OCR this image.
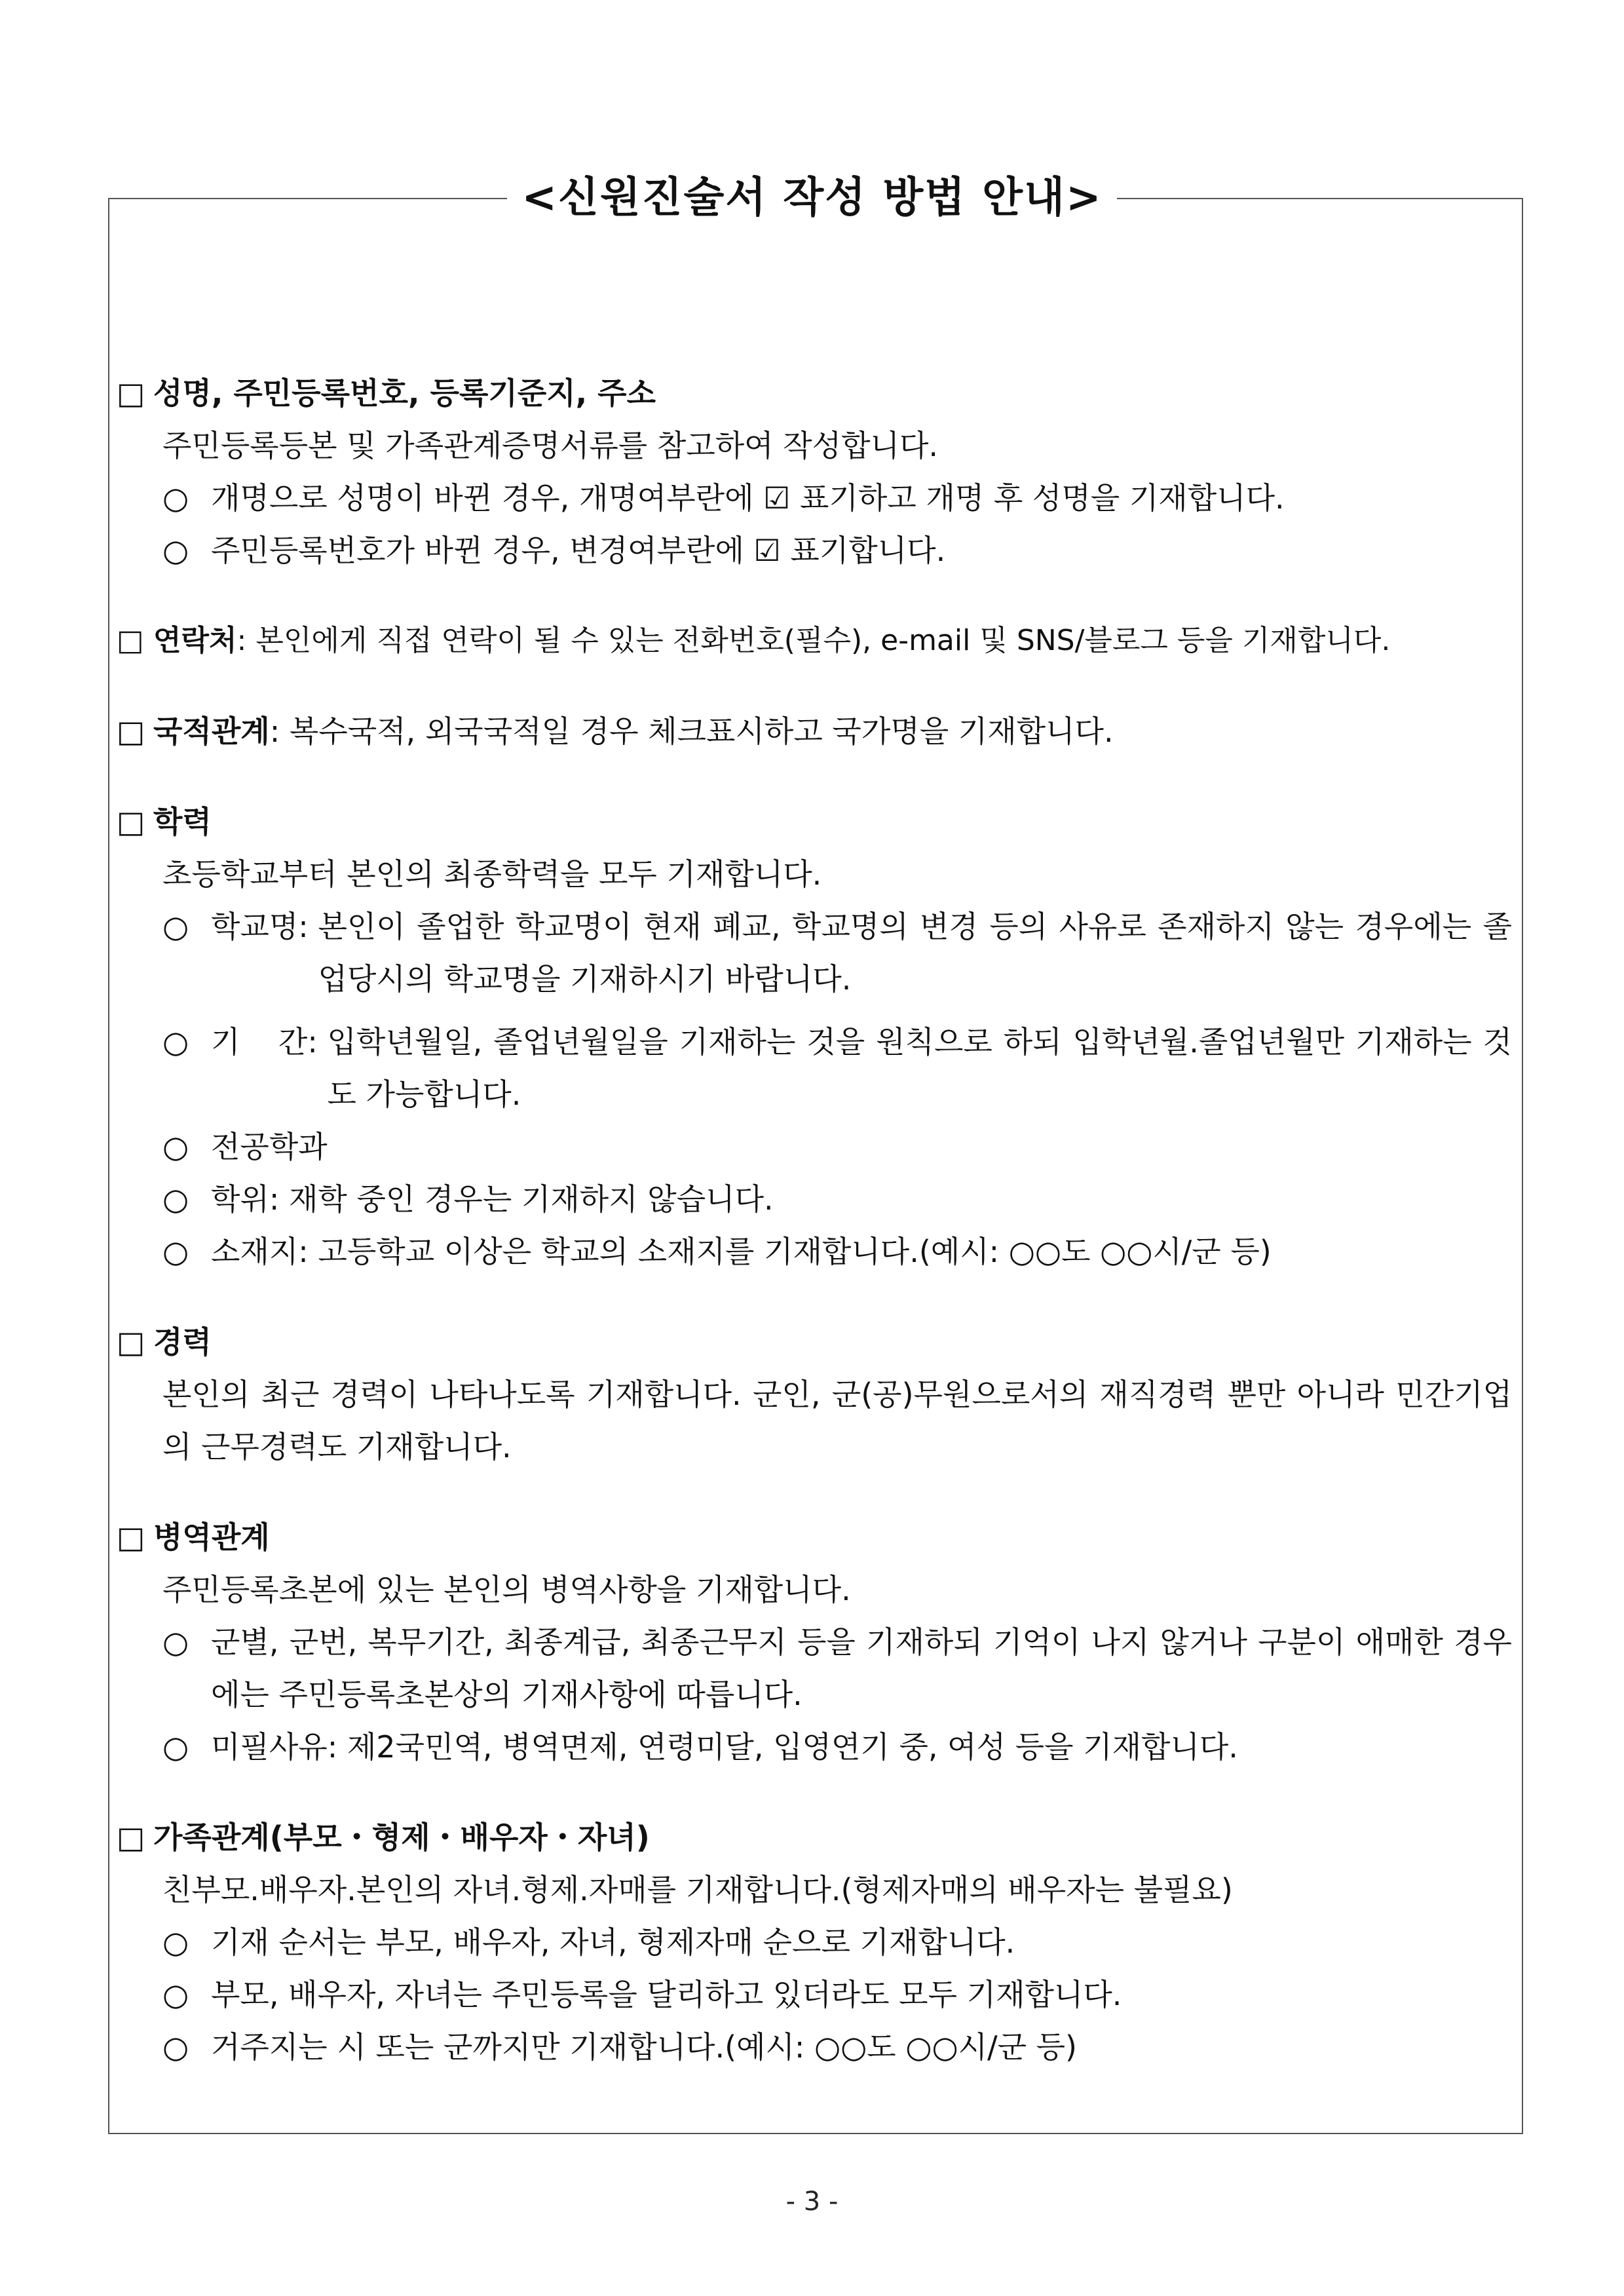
<신원진술서 작성 방법 안내>
□ 성명, 주민등록번호, 등록기준지, 주소
주민등록등본 및 가족관계증명서류를 참고하여 작성합니다.
○ 개명으로 성명이 바뀐 경우, 개명여부란에 ☑ 표기하고 개명 후 성명을 기재합니다.
○ 주민등록번호가 바뀐 경우, 변경여부란에 ☑ 표기합니다.
□ 연락처: 본인에게 직접 연락이 될 수 있는 전화번호(필수), e-mail 및 SNS/블로그 등을 기재합니다.
□ 국적관계: 복수국적, 외국국적일 경우 체크표시하고 국가명을 기재합니다.
□ 학력
초등학교부터 본인의 최종학력을 모두 기재합니다.
○ 학교명: 본인이 졸업한 학교명이 현재 폐교, 학교명의 변경 등의 사유로 존재하지 않는 경우에는 졸업당시의 학교명을 기재하시기 바랍니다.
○ 기    간: 입학년월일, 졸업년월일을 기재하는 것을 원칙으로 하되 입학년월.졸업년월만 기재하는 것도 가능합니다.
○ 전공학과
○ 학위: 재학 중인 경우는 기재하지 않습니다.
○ 소재지: 고등학교 이상은 학교의 소재지를 기재합니다.(예시: ○○도 ○○시/군 등)
□ 경력
본인의 최근 경력이 나타나도록 기재합니다. 군인, 군(공)무원으로서의 재직경력 뿐만 아니라 민간기업의 근무경력도 기재합니다.
□ 병역관계
주민등록초본에 있는 본인의 병역사항을 기재합니다.
○ 군별, 군번, 복무기간, 최종계급, 최종근무지 등을 기재하되 기억이 나지 않거나 구분이 애매한 경우에는 주민등록초본상의 기재사항에 따릅니다.
○ 미필사유: 제2국민역, 병역면제, 연령미달, 입영연기 중, 여성 등을 기재합니다.
□ 가족관계(부모・형제・배우자・자녀)
친부모.배우자.본인의 자녀.형제.자매를 기재합니다.(형제자매의 배우자는 불필요)
○ 기재 순서는 부모, 배우자, 자녀, 형제자매 순으로 기재합니다.
○ 부모, 배우자, 자녀는 주민등록을 달리하고 있더라도 모두 기재합니다.
○ 거주지는 시 또는 군까지만 기재합니다.(예시: ○○도 ○○시/군 등)
- 3 -
